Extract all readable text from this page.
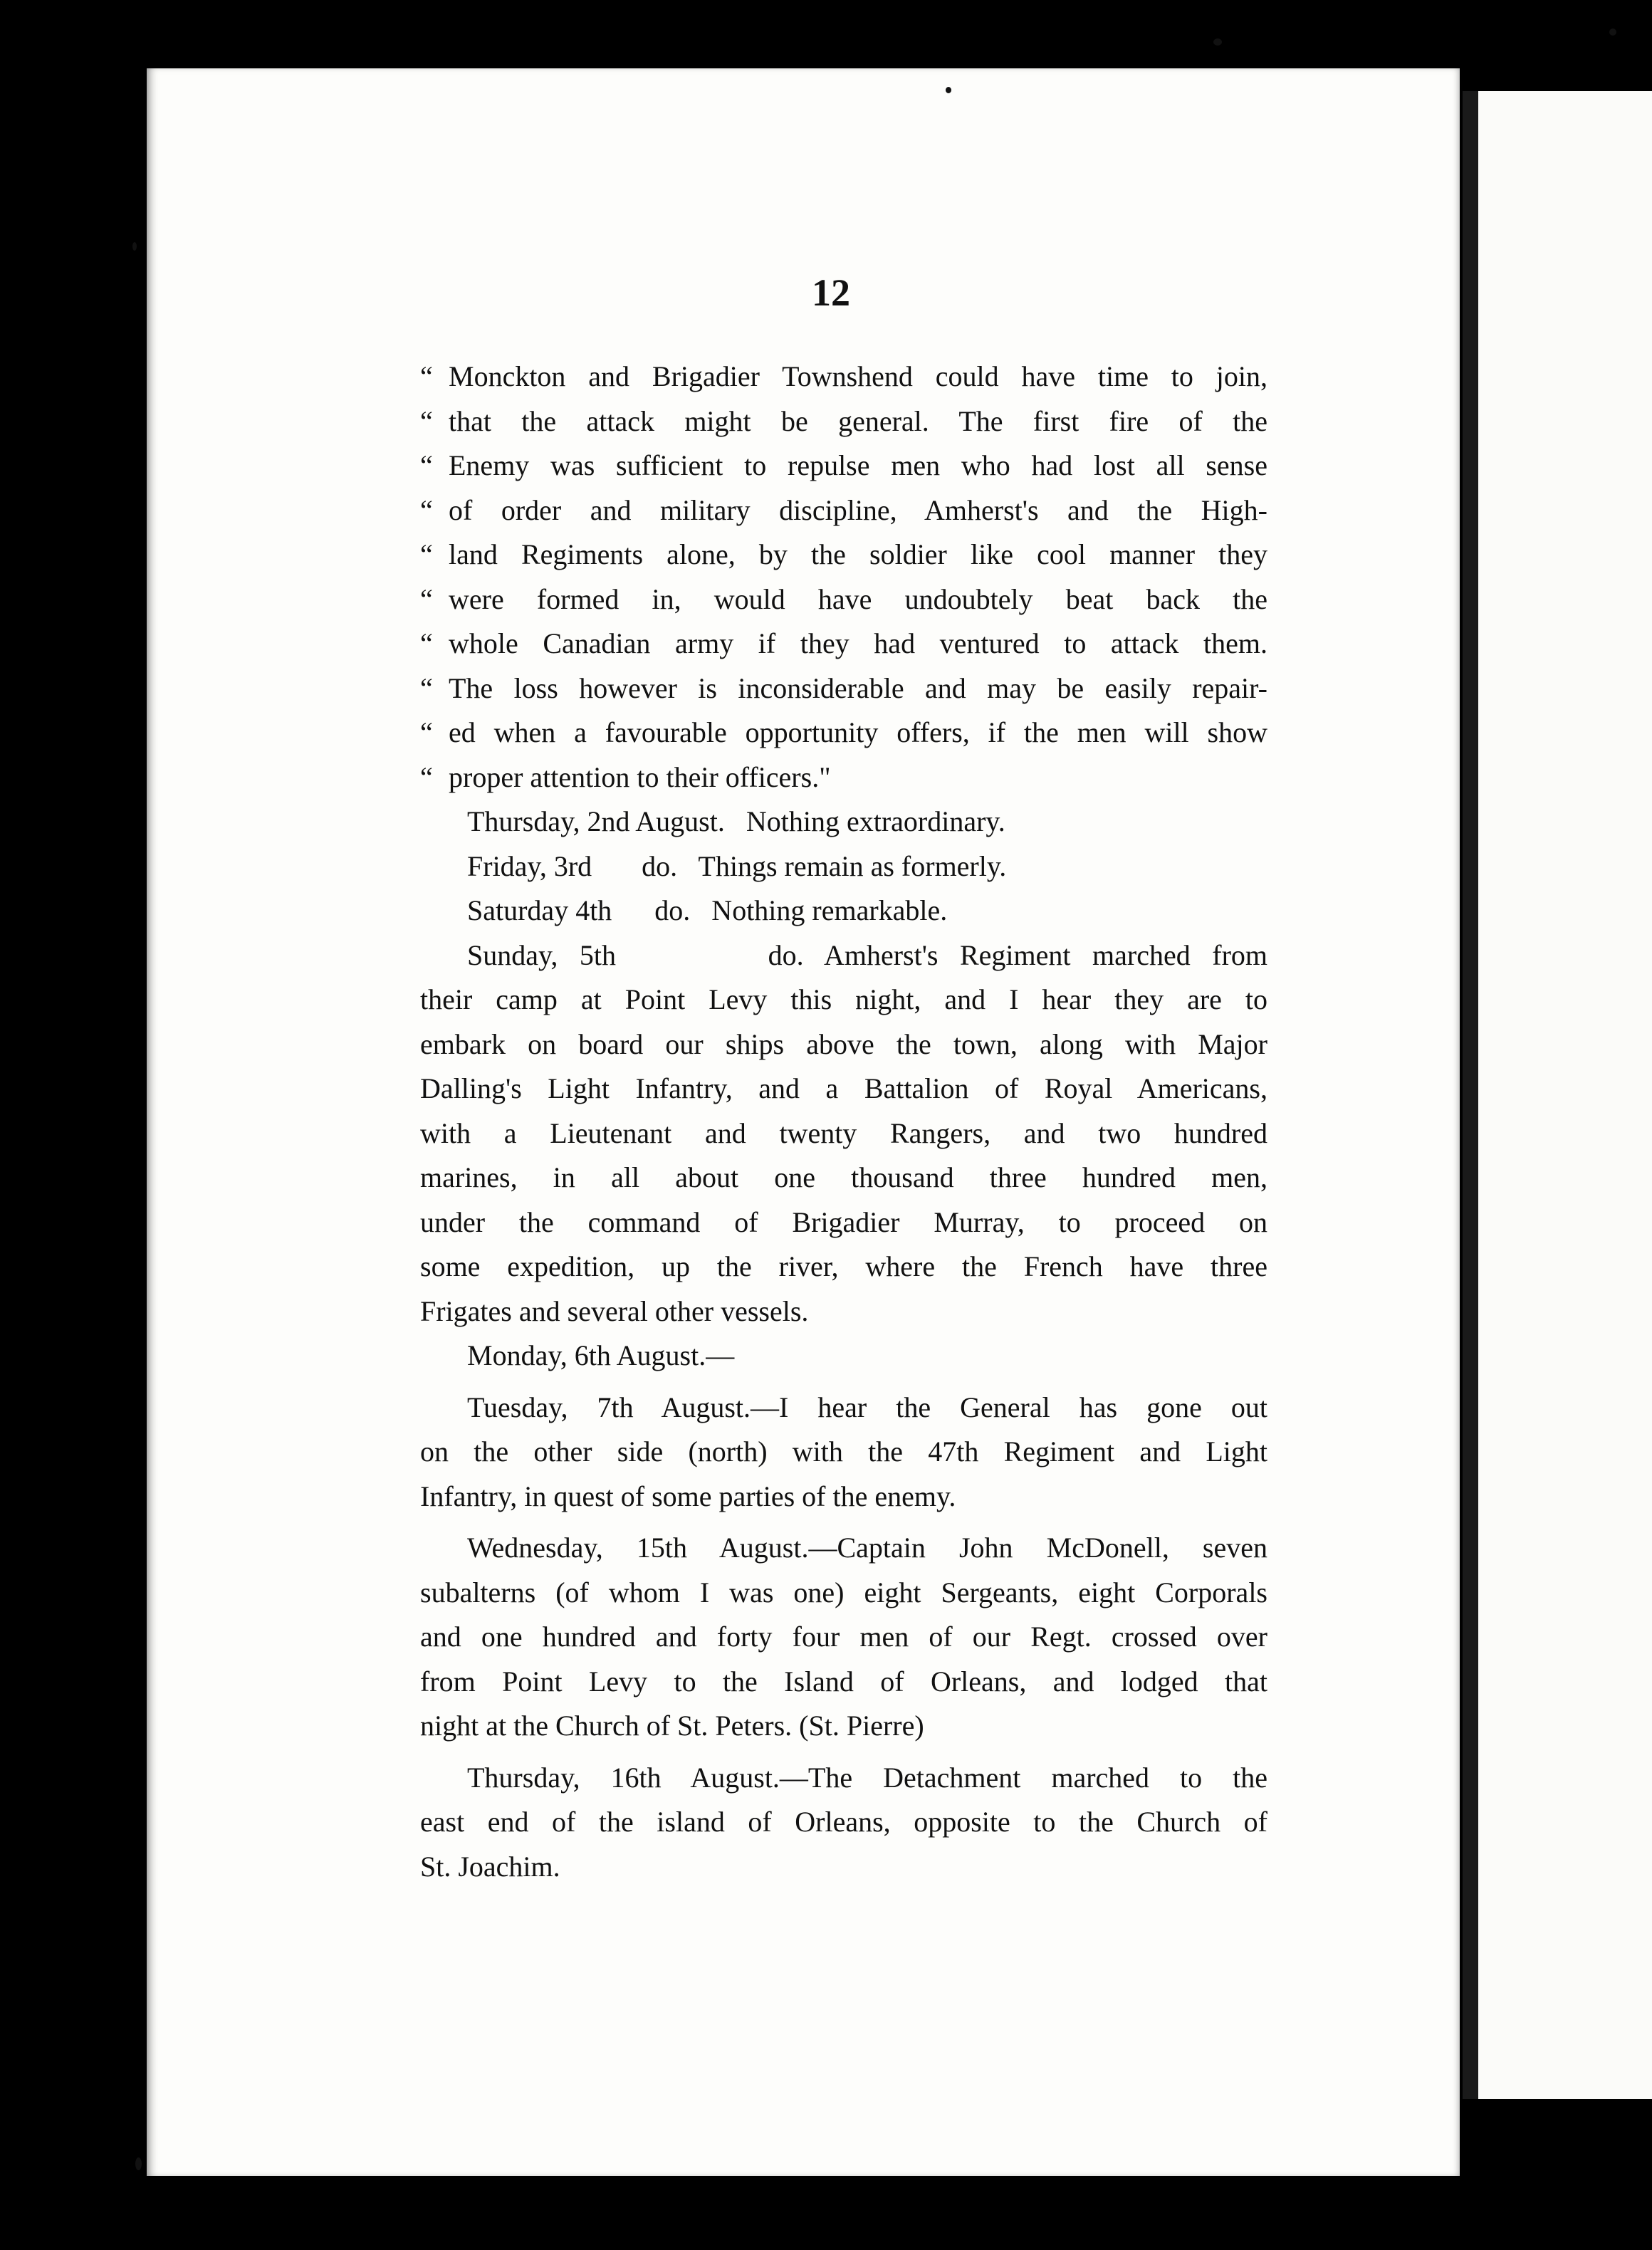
12
“ Monckton and Brigadier Townshend could have time to join,
“ that the attack might be general. The first fire of the
“ Enemy was sufficient to repulse men who had lost all sense
“ of order and military discipline, Amherst's and the High-
“ land Regiments alone, by the soldier like cool manner they
“ were formed in, would have undoubtely beat back the
“ whole Canadian army if they had ventured to attack them.
“ The loss however is inconsiderable and may be easily repair-
“ ed when a favourable opportunity offers, if the men will show
“ proper attention to their officers."
Thursday, 2nd August.   Nothing extraordinary.
Friday, 3rd       do.   Things remain as formerly.
Saturday 4th      do.   Nothing remarkable.
Sunday, 5th       do. Amherst's Regiment marched from
their camp at Point Levy this night, and I hear they are to
embark on board our ships above the town, along with Major
Dalling's Light Infantry, and a Battalion of Royal Americans,
with a Lieutenant and twenty Rangers, and two hundred
marines, in all about one thousand three hundred men,
under the command of Brigadier Murray, to proceed on
some expedition, up the river, where the French have three
Frigates and several other vessels.
Monday, 6th August.—
Tuesday, 7th August.—I hear the General has gone out
on the other side (north) with the 47th Regiment and Light
Infantry, in quest of some parties of the enemy.
Wednesday, 15th August.—Captain John McDonell, seven
subalterns (of whom I was one) eight Sergeants, eight Corporals
and one hundred and forty four men of our Regt. crossed over
from Point Levy to the Island of Orleans, and lodged that
night at the Church of St. Peters. (St. Pierre)
Thursday, 16th August.—The Detachment marched to the
east end of the island of Orleans, opposite to the Church of
St. Joachim.
